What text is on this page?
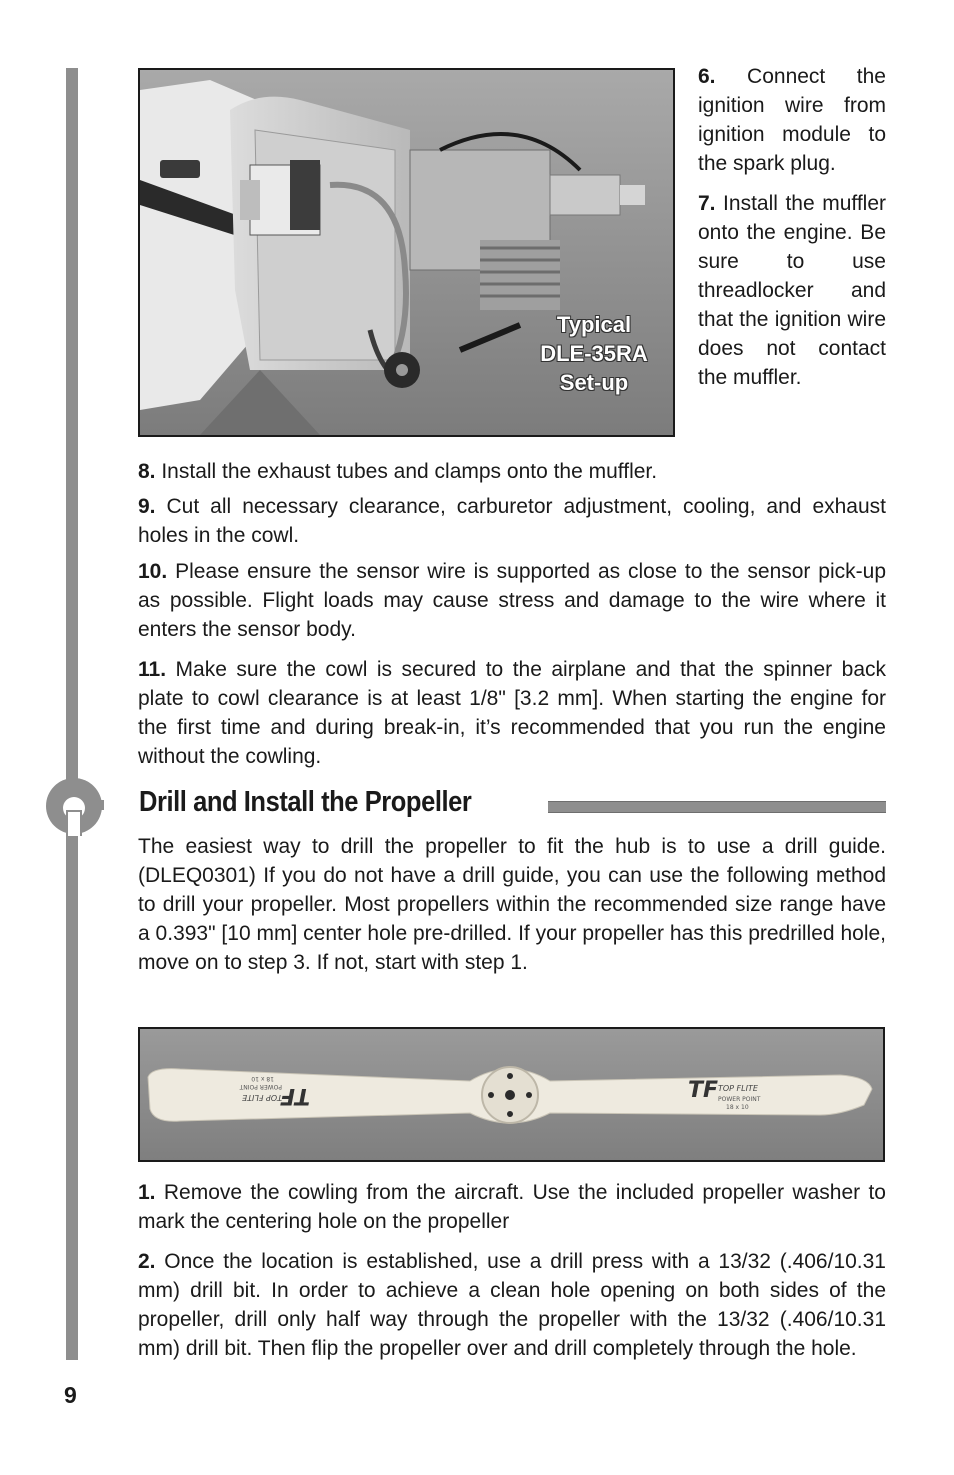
Typical
DLE-35RA
Set-up

6. Connect the ignition wire from ignition module to the spark plug.

7. Install the muffler onto the engine. Be sure to use threadlocker and that the ignition wire does not contact the muffler.

8. Install the exhaust tubes and clamps onto the muffler.

9. Cut all necessary clearance, carburetor adjustment, cooling, and exhaust holes in the cowl.

10. Please ensure the sensor wire is supported as close to the sensor pick-up as possible. Flight loads may cause stress and damage to the wire where it enters the sensor body.

11. Make sure the cowl is secured to the airplane and that the spinner back plate to cowl clearance is at least 1/8" [3.2 mm]. When starting the engine for the first time and during break-in, it’s recommended that you run the engine without the cowling.

Drill and Install the Propeller

The easiest way to drill the propeller to fit the hub is to use a drill guide. (DLEQ0301) If you do not have a drill guide, you can use the following method to drill your propeller. Most propellers within the recommended size range have a 0.393" [10 mm] center hole pre-drilled. If your propeller has this predrilled hole, move on to step 3. If not, start with step 1.

TF TOP FLITE
POWER POINT
18 x 10
TF
TOP FLITE
POWER POINT
18 x 10

1. Remove the cowling from the aircraft. Use the included propeller washer to mark the centering hole on the propeller

2. Once the location is established, use a drill press with a 13/32 (.406/10.31 mm) drill bit. In order to achieve a clean hole opening on both sides of the propeller, drill only half way through the propeller with the 13/32 (.406/10.31 mm) drill bit. Then flip the propeller over and drill completely through the hole.

9
